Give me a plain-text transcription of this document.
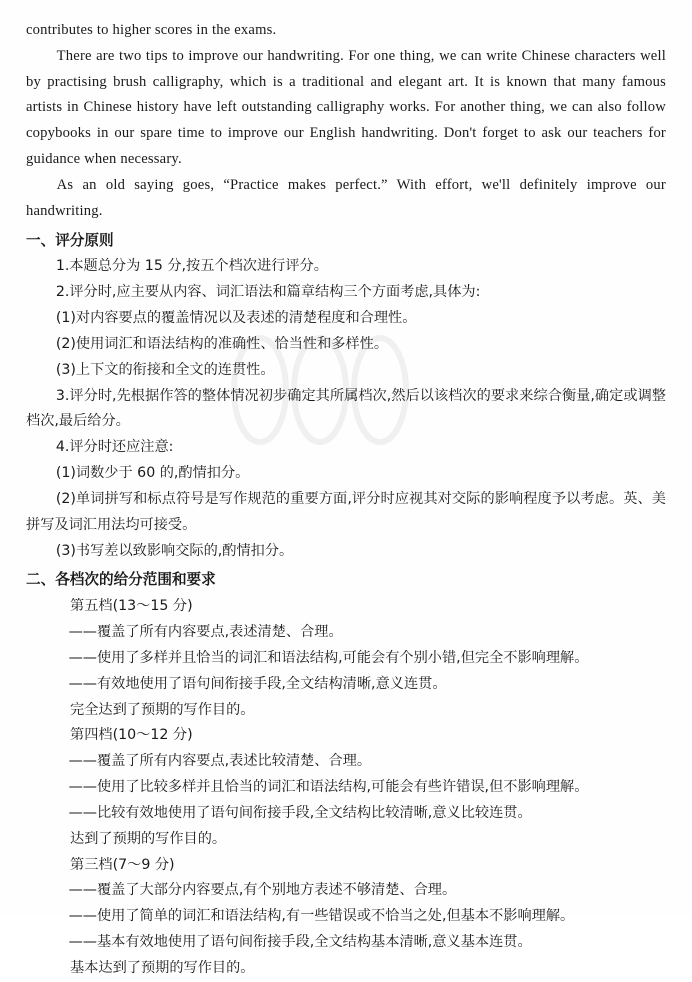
contributes to higher scores in the exams.

There are two tips to improve our handwriting. For one thing, we can write Chinese characters well by practising brush calligraphy, which is a traditional and elegant art. It is known that many famous artists in Chinese history have left outstanding calligraphy works. For another thing, we can also follow copybooks in our spare time to improve our English handwriting. Don't forget to ask our teachers for guidance when necessary.

As an old saying goes, “Practice makes perfect.” With effort, we'll definitely improve our handwriting.

一、评分原则

1.本题总分为 15 分,按五个档次进行评分。

2.评分时,应主要从内容、词汇语法和篇章结构三个方面考虑,具体为:

(1)对内容要点的覆盖情况以及表述的清楚程度和合理性。

(2)使用词汇和语法结构的准确性、恰当性和多样性。

(3)上下文的衔接和全文的连贯性。

3.评分时,先根据作答的整体情况初步确定其所属档次,然后以该档次的要求来综合衡量,确定或调整档次,最后给分。

4.评分时还应注意:

(1)词数少于 60 的,酌情扣分。

(2)单词拼写和标点符号是写作规范的重要方面,评分时应视其对交际的影响程度予以考虑。英、美拼写及词汇用法均可接受。

(3)书写差以致影响交际的,酌情扣分。

二、各档次的给分范围和要求

第五档(13～15 分)

——覆盖了所有内容要点,表述清楚、合理。

——使用了多样并且恰当的词汇和语法结构,可能会有个别小错,但完全不影响理解。

——有效地使用了语句间衔接手段,全文结构清晰,意义连贯。

完全达到了预期的写作目的。

第四档(10～12 分)

——覆盖了所有内容要点,表述比较清楚、合理。

——使用了比较多样并且恰当的词汇和语法结构,可能会有些许错误,但不影响理解。

——比较有效地使用了语句间衔接手段,全文结构比较清晰,意义比较连贯。

达到了预期的写作目的。

第三档(7～9 分)

——覆盖了大部分内容要点,有个别地方表述不够清楚、合理。

——使用了简单的词汇和语法结构,有一些错误或不恰当之处,但基本不影响理解。

——基本有效地使用了语句间衔接手段,全文结构基本清晰,意义基本连贯。

基本达到了预期的写作目的。
